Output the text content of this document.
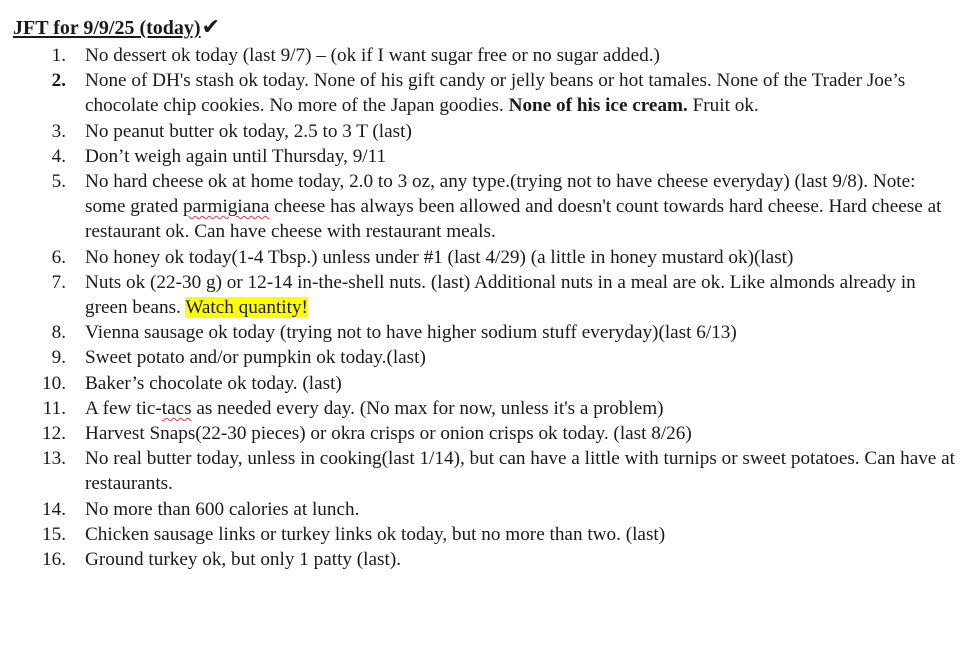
JFT for 9/9/25 (today)✔
1. No dessert ok today (last 9/7) – (ok if I want sugar free or no sugar added.)
2. None of DH's stash ok today. None of his gift candy or jelly beans or hot tamales. None of the Trader Joe’s chocolate chip cookies. No more of the Japan goodies. None of his ice cream. Fruit ok.
3. No peanut butter ok today, 2.5 to 3 T (last)
4. Don’t weigh again until Thursday, 9/11
5. No hard cheese ok at home today, 2.0 to 3 oz, any type.(trying not to have cheese everyday) (last 9/8). Note: some grated parmigiana cheese has always been allowed and doesn't count towards hard cheese. Hard cheese at restaurant ok. Can have cheese with restaurant meals.
6. No honey ok today(1-4 Tbsp.) unless under #1 (last 4/29) (a little in honey mustard ok)(last)
7. Nuts ok (22-30 g) or 12-14 in-the-shell nuts. (last) Additional nuts in a meal are ok. Like almonds already in green beans. Watch quantity!
8. Vienna sausage ok today (trying not to have higher sodium stuff everyday)(last 6/13)
9. Sweet potato and/or pumpkin ok today.(last)
10. Baker’s chocolate ok today. (last)
11. A few tic-tacs as needed every day. (No max for now, unless it's a problem)
12. Harvest Snaps(22-30 pieces) or okra crisps or onion crisps ok today. (last 8/26)
13. No real butter today, unless in cooking(last 1/14), but can have a little with turnips or sweet potatoes. Can have at restaurants.
14. No more than 600 calories at lunch.
15. Chicken sausage links or turkey links ok today, but no more than two. (last)
16. Ground turkey ok, but only 1 patty (last).
